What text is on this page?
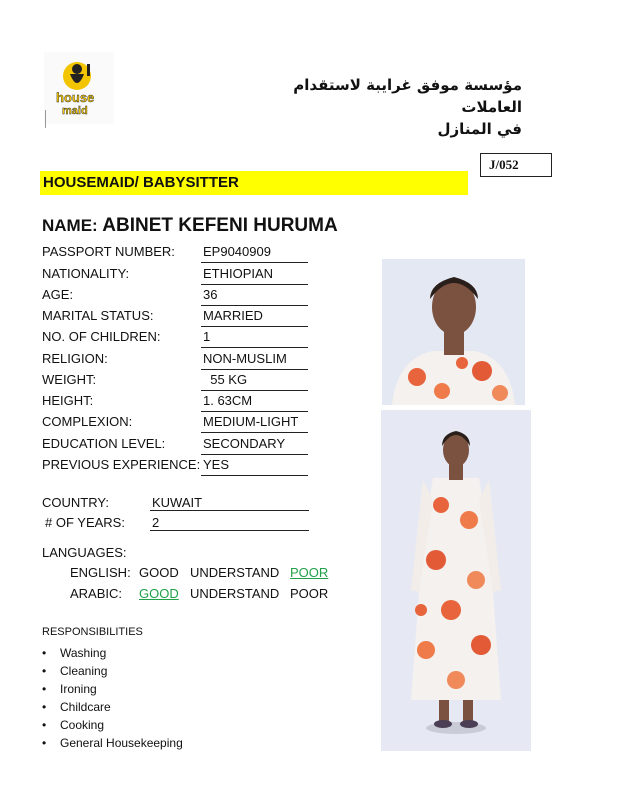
house
maid
مؤسسة موفق غرايبة لاستقدام العاملات
في المنازل
J/052
HOUSEMAID/ BABYSITTER
NAME: ABINET KEFENI HURUMA
PASSPORT NUMBER: EP9040909
NATIONALITY:	ETHIOPIAN
AGE:	36
MARITAL STATUS:	MARRIED
NO. OF CHILDREN:	1
RELIGION:	NON-MUSLIM
WEIGHT:	55 KG
HEIGHT:	1. 63CM
COMPLEXION:	MEDIUM-LIGHT
EDUCATION LEVEL:	SECONDARY
PREVIOUS EXPERIENCE: YES
COUNTRY:	KUWAIT
# OF YEARS: 2
LANGUAGES:
ENGLISH: GOOD UNDERSTAND POOR
ARABIC: GOOD UNDERSTAND POOR
RESPONSIBILITIES
• Washing
• Cleaning
• Ironing
• Childcare
• Cooking
• General Housekeeping
